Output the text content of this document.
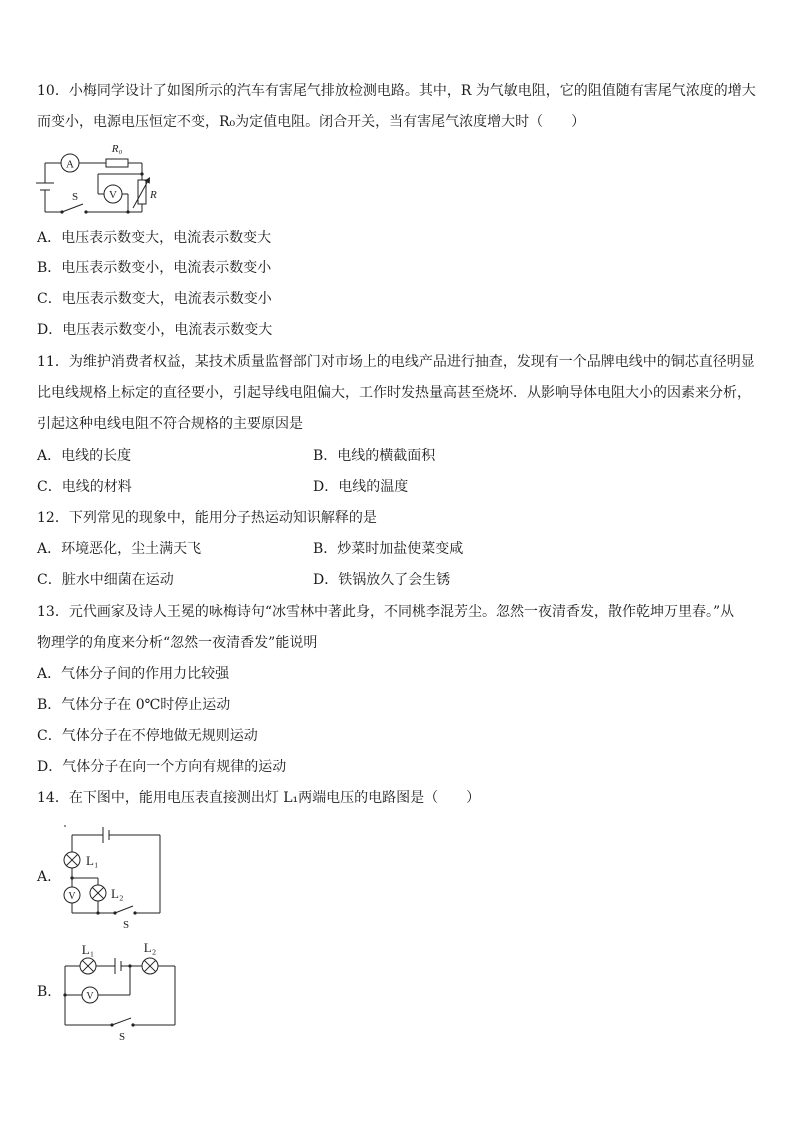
10．小梅同学设计了如图所示的汽车有害尾气排放检测电路。其中，R 为气敏电阻，它的阻值随有害尾气浓度的增大
而变小，电源电压恒定不变，R₀为定值电阻。闭合开关，当有害尾气浓度增大时（　　）
A
V
R₀
R
S
A．电压表示数变大，电流表示数变大
B．电压表示数变小，电流表示数变小
C．电压表示数变大，电流表示数变小
D．电压表示数变小，电流表示数变大
11．为维护消费者权益，某技术质量监督部门对市场上的电线产品进行抽查，发现有一个品牌电线中的铜芯直径明显
比电线规格上标定的直径要小，引起导线电阻偏大，工作时发热量高甚至烧坏．从影响导体电阻大小的因素来分析，
引起这种电线电阻不符合规格的主要原因是
A．电线的长度	B．电线的横截面积
C．电线的材料	D．电线的温度
12．下列常见的现象中，能用分子热运动知识解释的是
A．环境恶化，尘土满天飞	B．炒菜时加盐使菜变咸
C．脏水中细菌在运动	D．铁锅放久了会生锈
13．元代画家及诗人王冕的咏梅诗句“冰雪林中著此身，不同桃李混芳尘。忽然一夜清香发，散作乾坤万里春。”从
物理学的角度来分析“忽然一夜清香发”能说明
A．气体分子间的作用力比较强
B．气体分子在 0℃时停止运动
C．气体分子在不停地做无规则运动
D．气体分子在向一个方向有规律的运动
14．在下图中，能用电压表直接测出灯 L₁两端电压的电路图是（　　）
A.
L₁
L₂
V
S
B.
L₁	L₂
V
S
